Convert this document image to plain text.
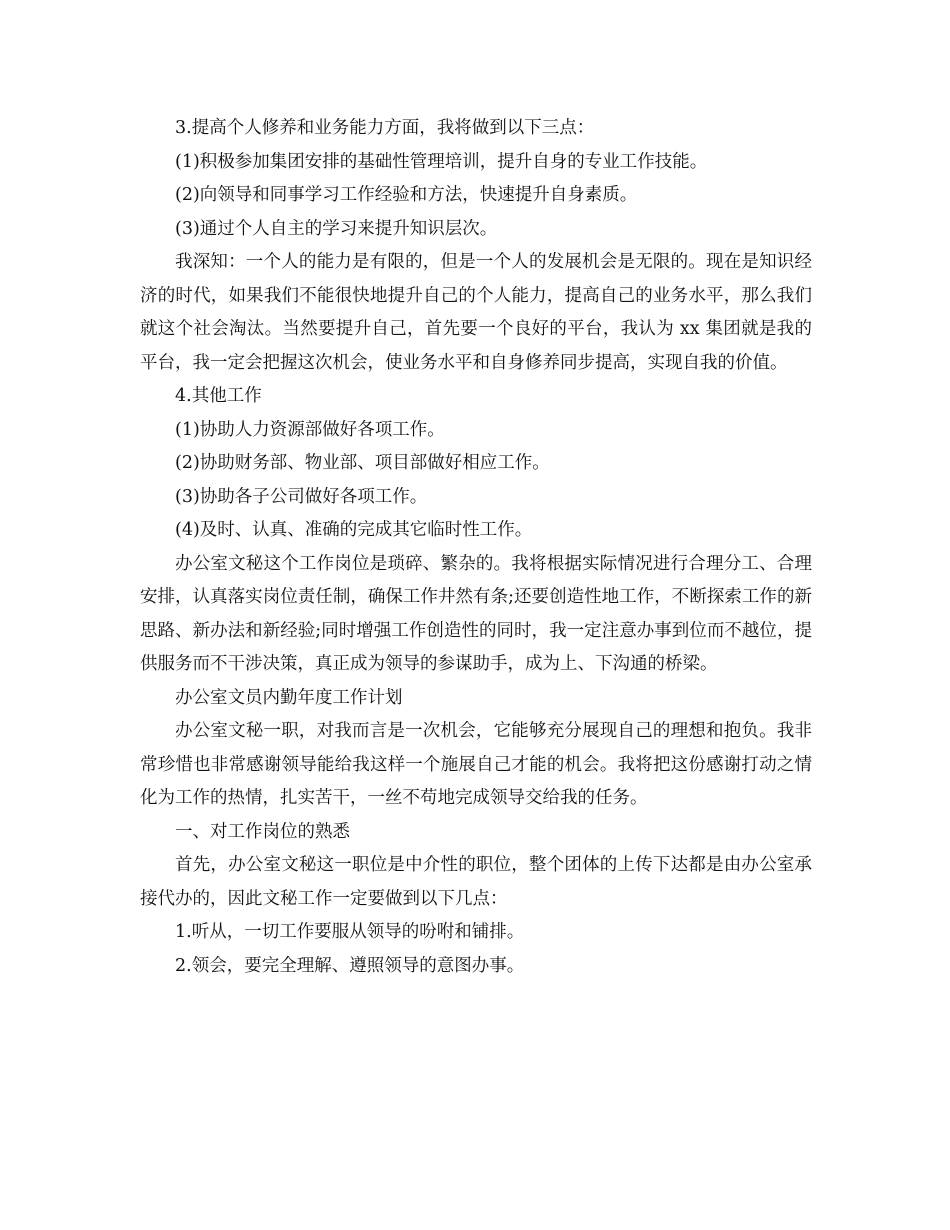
3.提高个人修养和业务能力方面，我将做到以下三点：

(1)积极参加集团安排的基础性管理培训，提升自身的专业工作技能。

(2)向领导和同事学习工作经验和方法，快速提升自身素质。

(3)通过个人自主的学习来提升知识层次。

我深知：一个人的能力是有限的，但是一个人的发展机会是无限的。现在是知识经济的时代，如果我们不能很快地提升自己的个人能力，提高自己的业务水平，那么我们就这个社会淘汰。当然要提升自己，首先要一个良好的平台，我认为 xx 集团就是我的平台，我一定会把握这次机会，使业务水平和自身修养同步提高，实现自我的价值。

4.其他工作

(1)协助人力资源部做好各项工作。

(2)协助财务部、物业部、项目部做好相应工作。

(3)协助各子公司做好各项工作。

(4)及时、认真、准确的完成其它临时性工作。

办公室文秘这个工作岗位是琐碎、繁杂的。我将根据实际情况进行合理分工、合理安排，认真落实岗位责任制，确保工作井然有条;还要创造性地工作，不断探索工作的新思路、新办法和新经验;同时增强工作创造性的同时，我一定注意办事到位而不越位，提供服务而不干涉决策，真正成为领导的参谋助手，成为上、下沟通的桥梁。

办公室文员内勤年度工作计划

办公室文秘一职，对我而言是一次机会，它能够充分展现自己的理想和抱负。我非常珍惜也非常感谢领导能给我这样一个施展自己才能的机会。我将把这份感谢打动之情化为工作的热情，扎实苦干，一丝不苟地完成领导交给我的任务。

一、对工作岗位的熟悉

首先，办公室文秘这一职位是中介性的职位，整个团体的上传下达都是由办公室承接代办的，因此文秘工作一定要做到以下几点：

1.听从，一切工作要服从领导的吩咐和铺排。

2.领会，要完全理解、遵照领导的意图办事。
